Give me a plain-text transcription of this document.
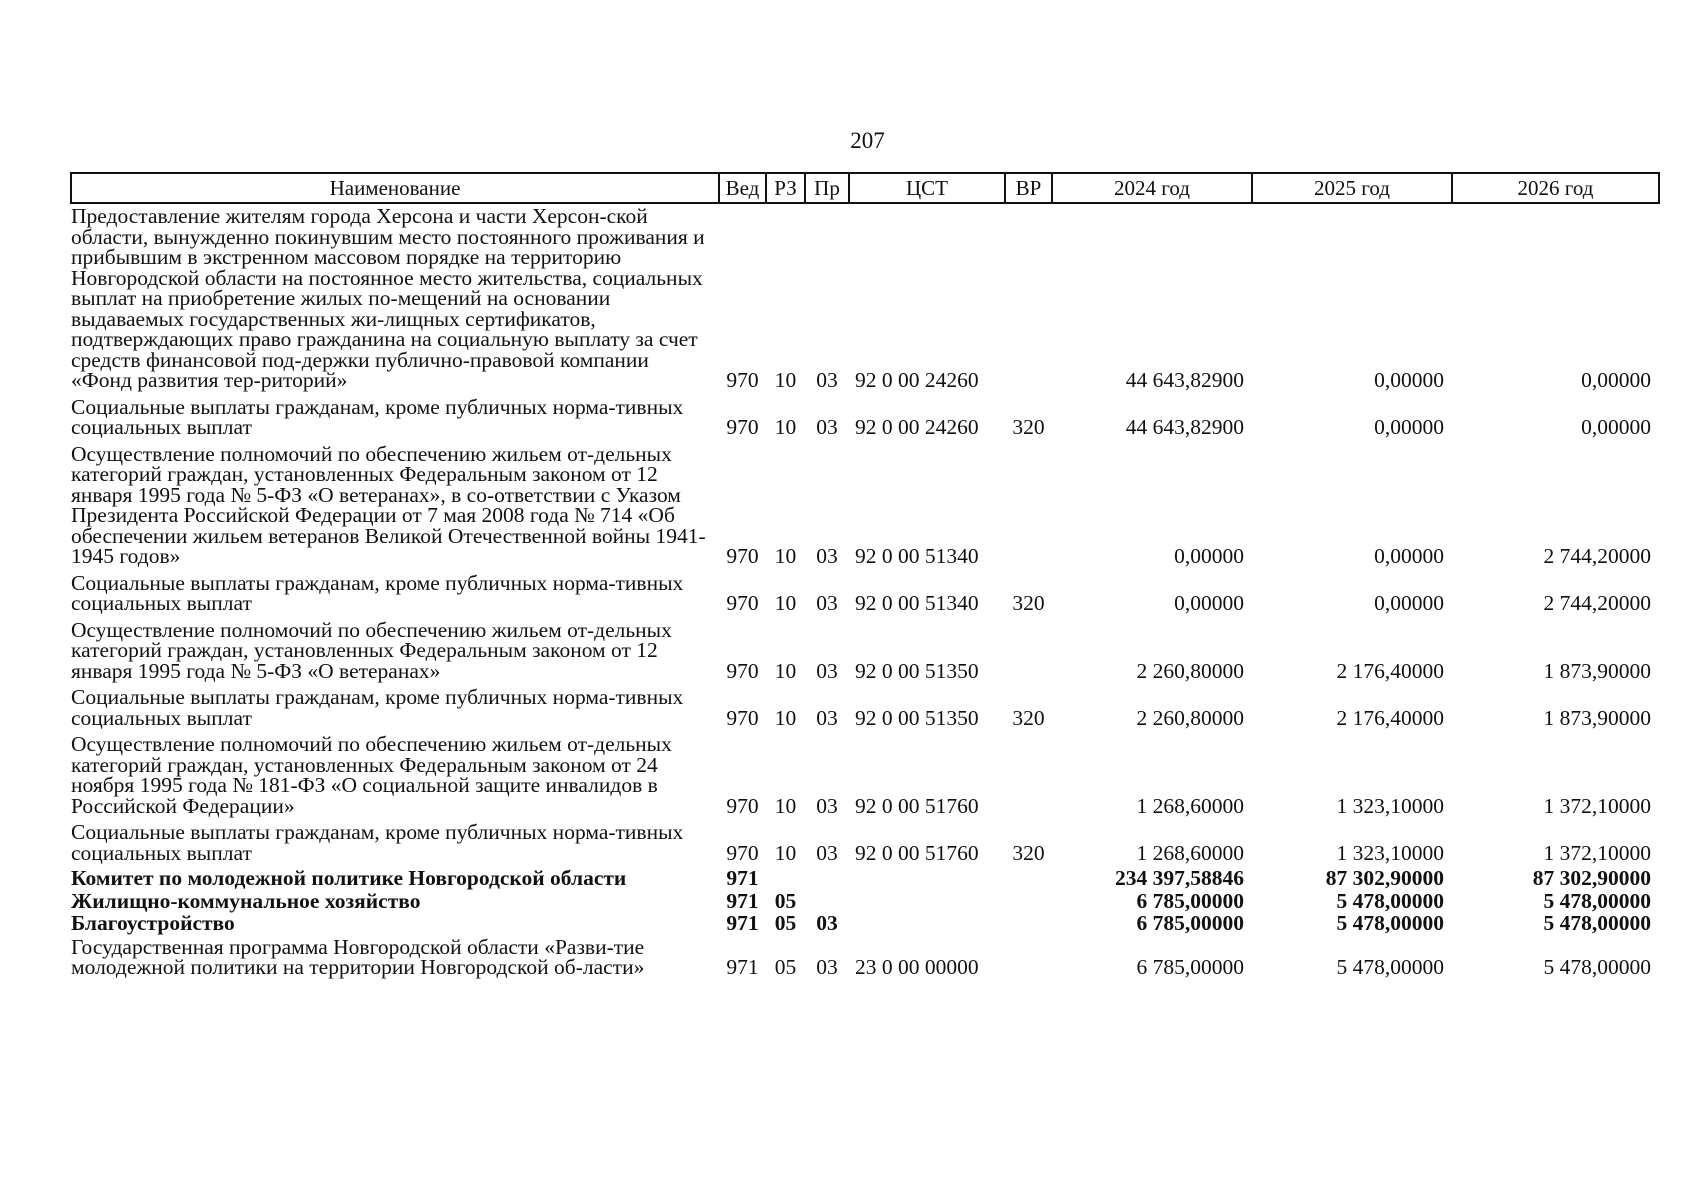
207
Наименование	Вед	РЗ	Пр	ЦСТ	ВР	2024 год	2025 год	2026 год

Предоставление жителям города Херсона и части Херсон-ской области, вынужденно покинувшим место постоянного проживания и прибывшим в экстренном массовом порядке на территорию Новгородской области на постоянное место жительства, социальных выплат на приобретение жилых по-мещений на основании выдаваемых государственных жи-лищных сертификатов, подтверждающих право гражданина на социальную выплату за счет средств финансовой под-держки публично-правовой компании «Фонд развития тер-риторий»	970	10	03	92 0 00 24260		44 643,82900	0,00000	0,00000

Социальные выплаты гражданам, кроме публичных норма-тивных социальных выплат	970	10	03	92 0 00 24260	320	44 643,82900	0,00000	0,00000

Осуществление полномочий по обеспечению жильем от-дельных категорий граждан, установленных Федеральным законом от 12 января 1995 года № 5-ФЗ «О ветеранах», в со-ответствии с Указом Президента Российской Федерации от 7 мая 2008 года № 714 «Об обеспечении жильем ветеранов Великой Отечественной войны 1941-1945 годов»	970	10	03	92 0 00 51340		0,00000	0,00000	2 744,20000

Социальные выплаты гражданам, кроме публичных норма-тивных социальных выплат	970	10	03	92 0 00 51340	320	0,00000	0,00000	2 744,20000

Осуществление полномочий по обеспечению жильем от-дельных категорий граждан, установленных Федеральным законом от 12 января 1995 года № 5-ФЗ «О ветеранах»	970	10	03	92 0 00 51350		2 260,80000	2 176,40000	1 873,90000

Социальные выплаты гражданам, кроме публичных норма-тивных социальных выплат	970	10	03	92 0 00 51350	320	2 260,80000	2 176,40000	1 873,90000

Осуществление полномочий по обеспечению жильем от-дельных категорий граждан, установленных Федеральным законом от 24 ноября 1995 года № 181-ФЗ «О социальной защите инвалидов в Российской Федерации»	970	10	03	92 0 00 51760		1 268,60000	1 323,10000	1 372,10000

Социальные выплаты гражданам, кроме публичных норма-тивных социальных выплат	970	10	03	92 0 00 51760	320	1 268,60000	1 323,10000	1 372,10000

Комитет по молодежной политике Новгородской области	971					234 397,58846	87 302,90000	87 302,90000

Жилищно-коммунальное хозяйство	971	05				6 785,00000	5 478,00000	5 478,00000

Благоустройство	971	05	03			6 785,00000	5 478,00000	5 478,00000

Государственная программа Новгородской области «Разви-тие молодежной политики на территории Новгородской об-ласти»	971	05	03	23 0 00 00000		6 785,00000	5 478,00000	5 478,00000
